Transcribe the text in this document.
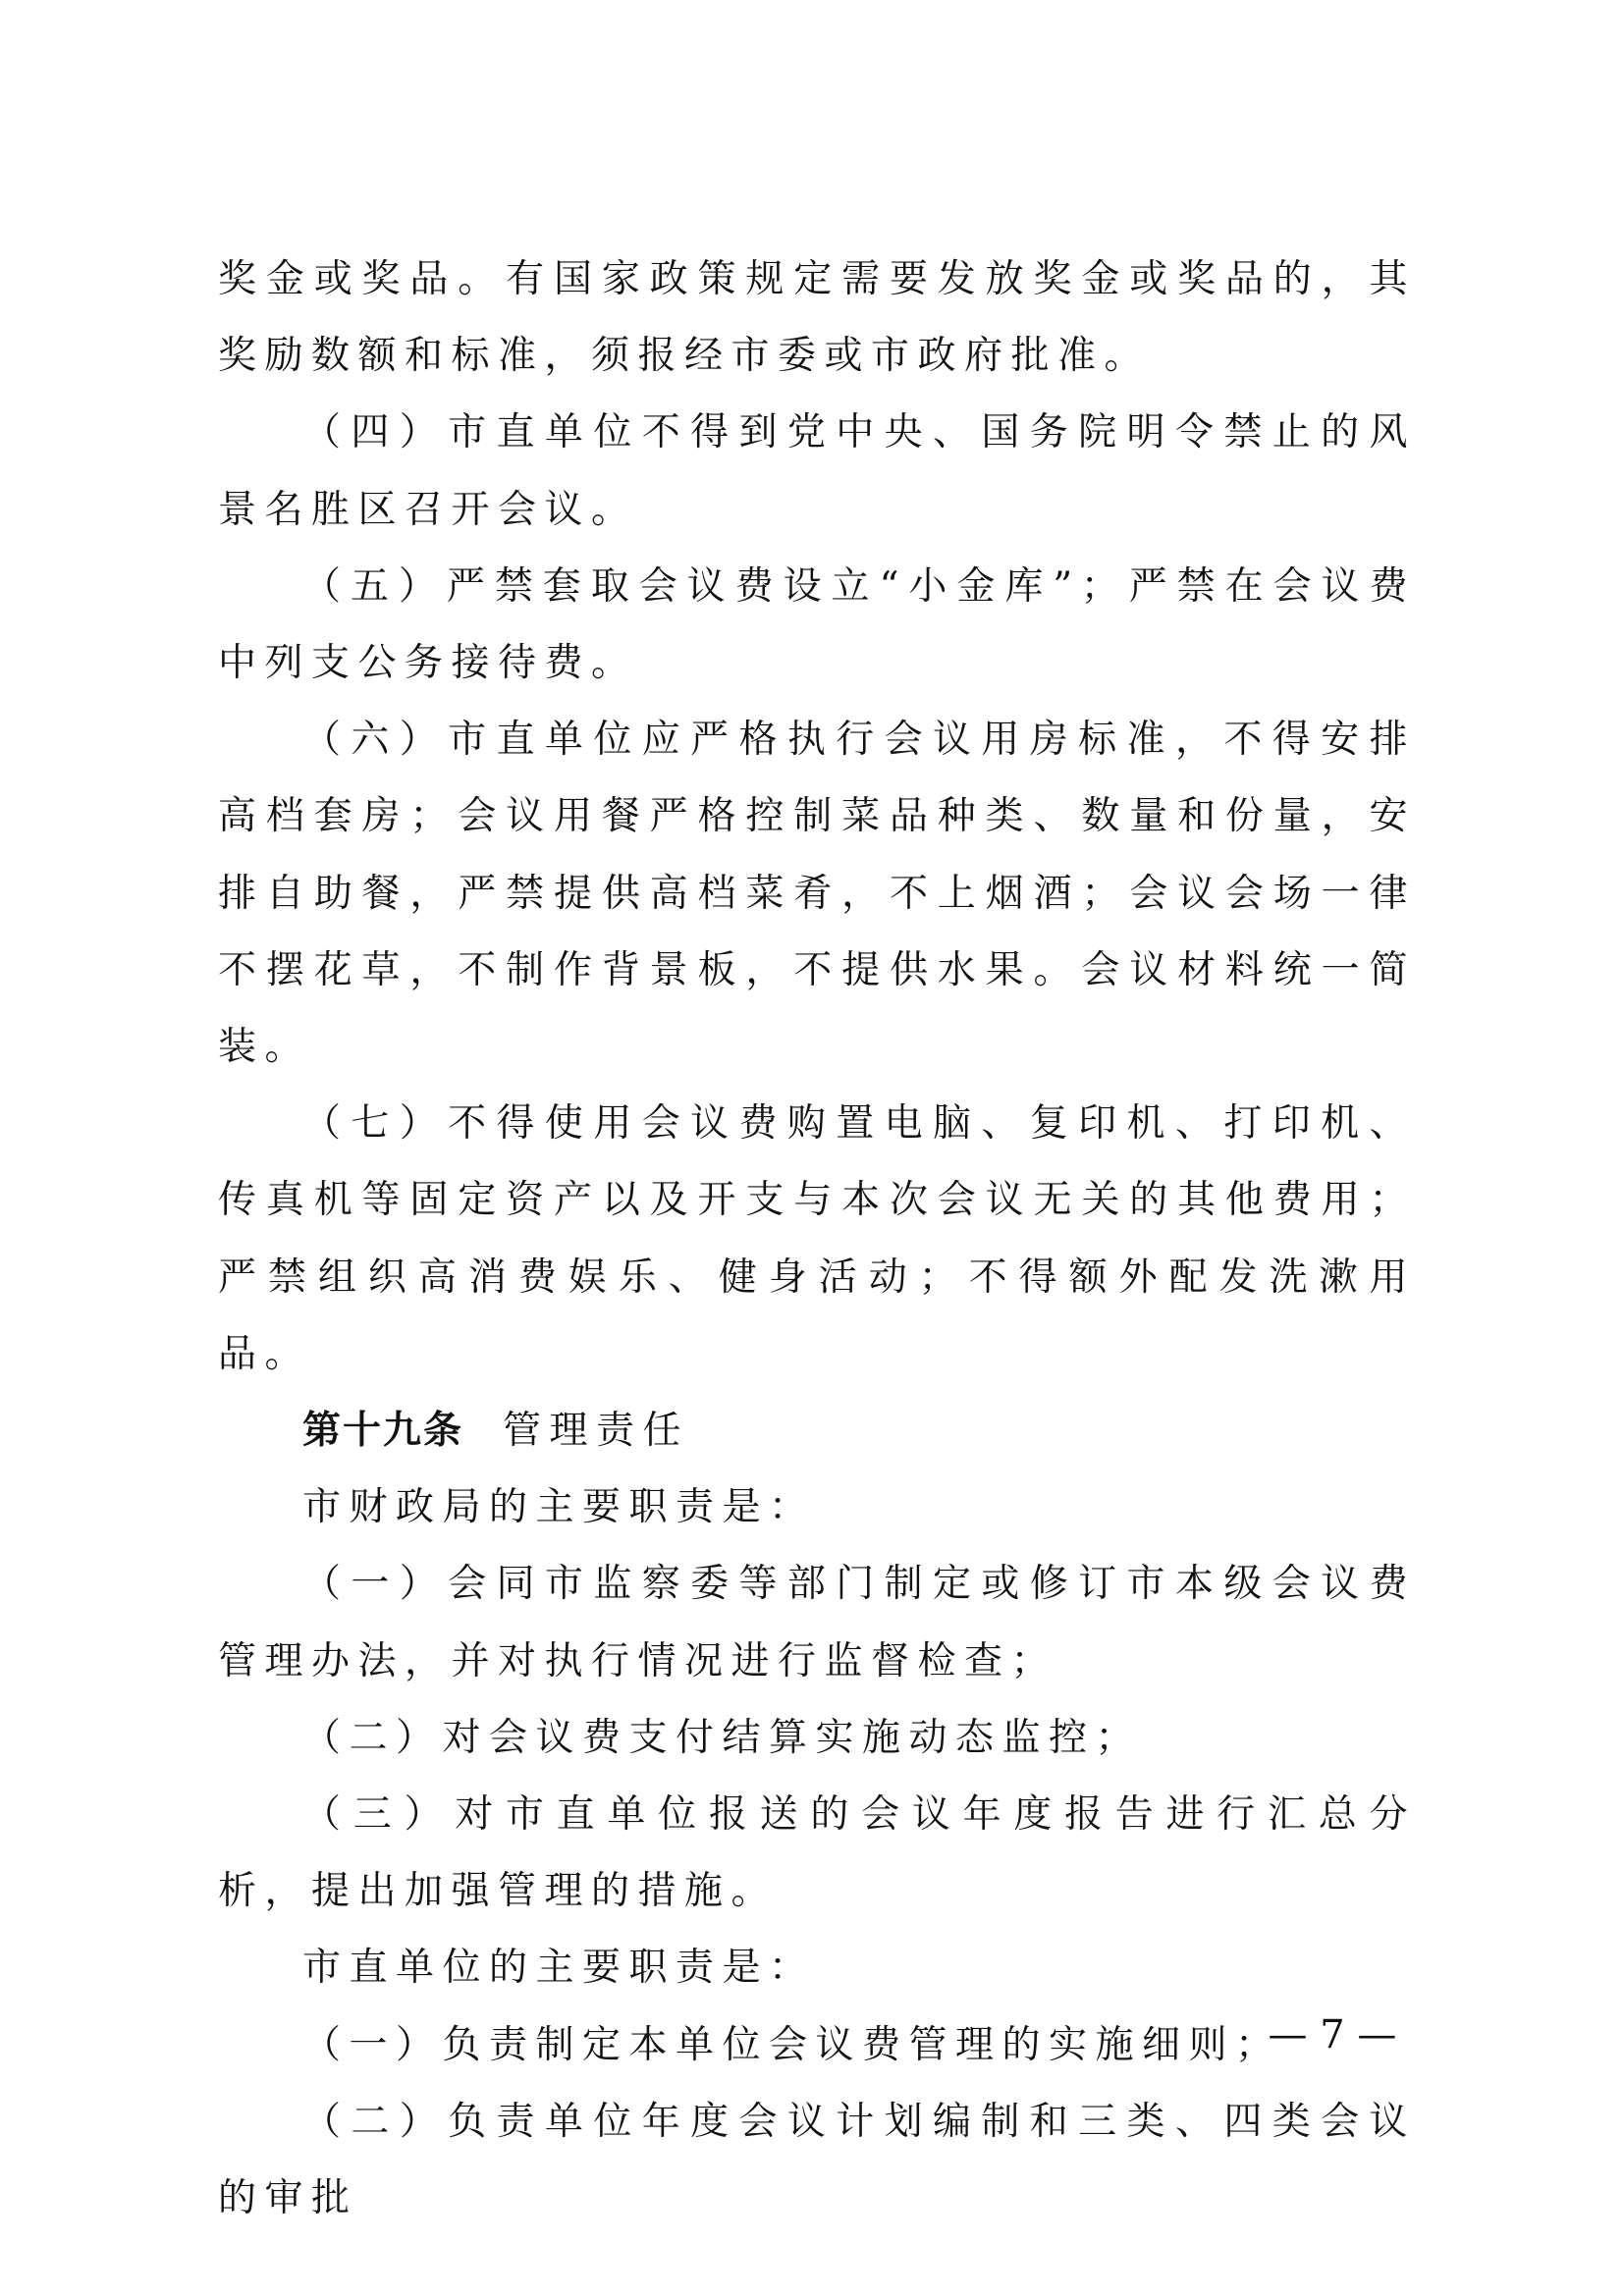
奖金或奖品。有国家政策规定需要发放奖金或奖品的，其奖励数额和标准，须报经市委或市政府批准。

（四）市直单位不得到党中央、国务院明令禁止的风景名胜区召开会议。

（五）严禁套取会议费设立“小金库”；严禁在会议费中列支公务接待费。

（六）市直单位应严格执行会议用房标准，不得安排高档套房；会议用餐严格控制菜品种类、数量和份量，安排自助餐，严禁提供高档菜肴，不上烟酒；会议会场一律不摆花草，不制作背景板，不提供水果。会议材料统一简装。

（七）不得使用会议费购置电脑、复印机、打印机、传真机等固定资产以及开支与本次会议无关的其他费用；严禁组织高消费娱乐、健身活动；不得额外配发洗漱用品。

第十九条 管理责任

市财政局的主要职责是：

（一）会同市监察委等部门制定或修订市本级会议费管理办法，并对执行情况进行监督检查；

（二）对会议费支付结算实施动态监控；

（三）对市直单位报送的会议年度报告进行汇总分析，提出加强管理的措施。

市直单位的主要职责是：

（一）负责制定本单位会议费管理的实施细则；

（二）负责单位年度会议计划编制和三类、四类会议的审批

— 7 —
